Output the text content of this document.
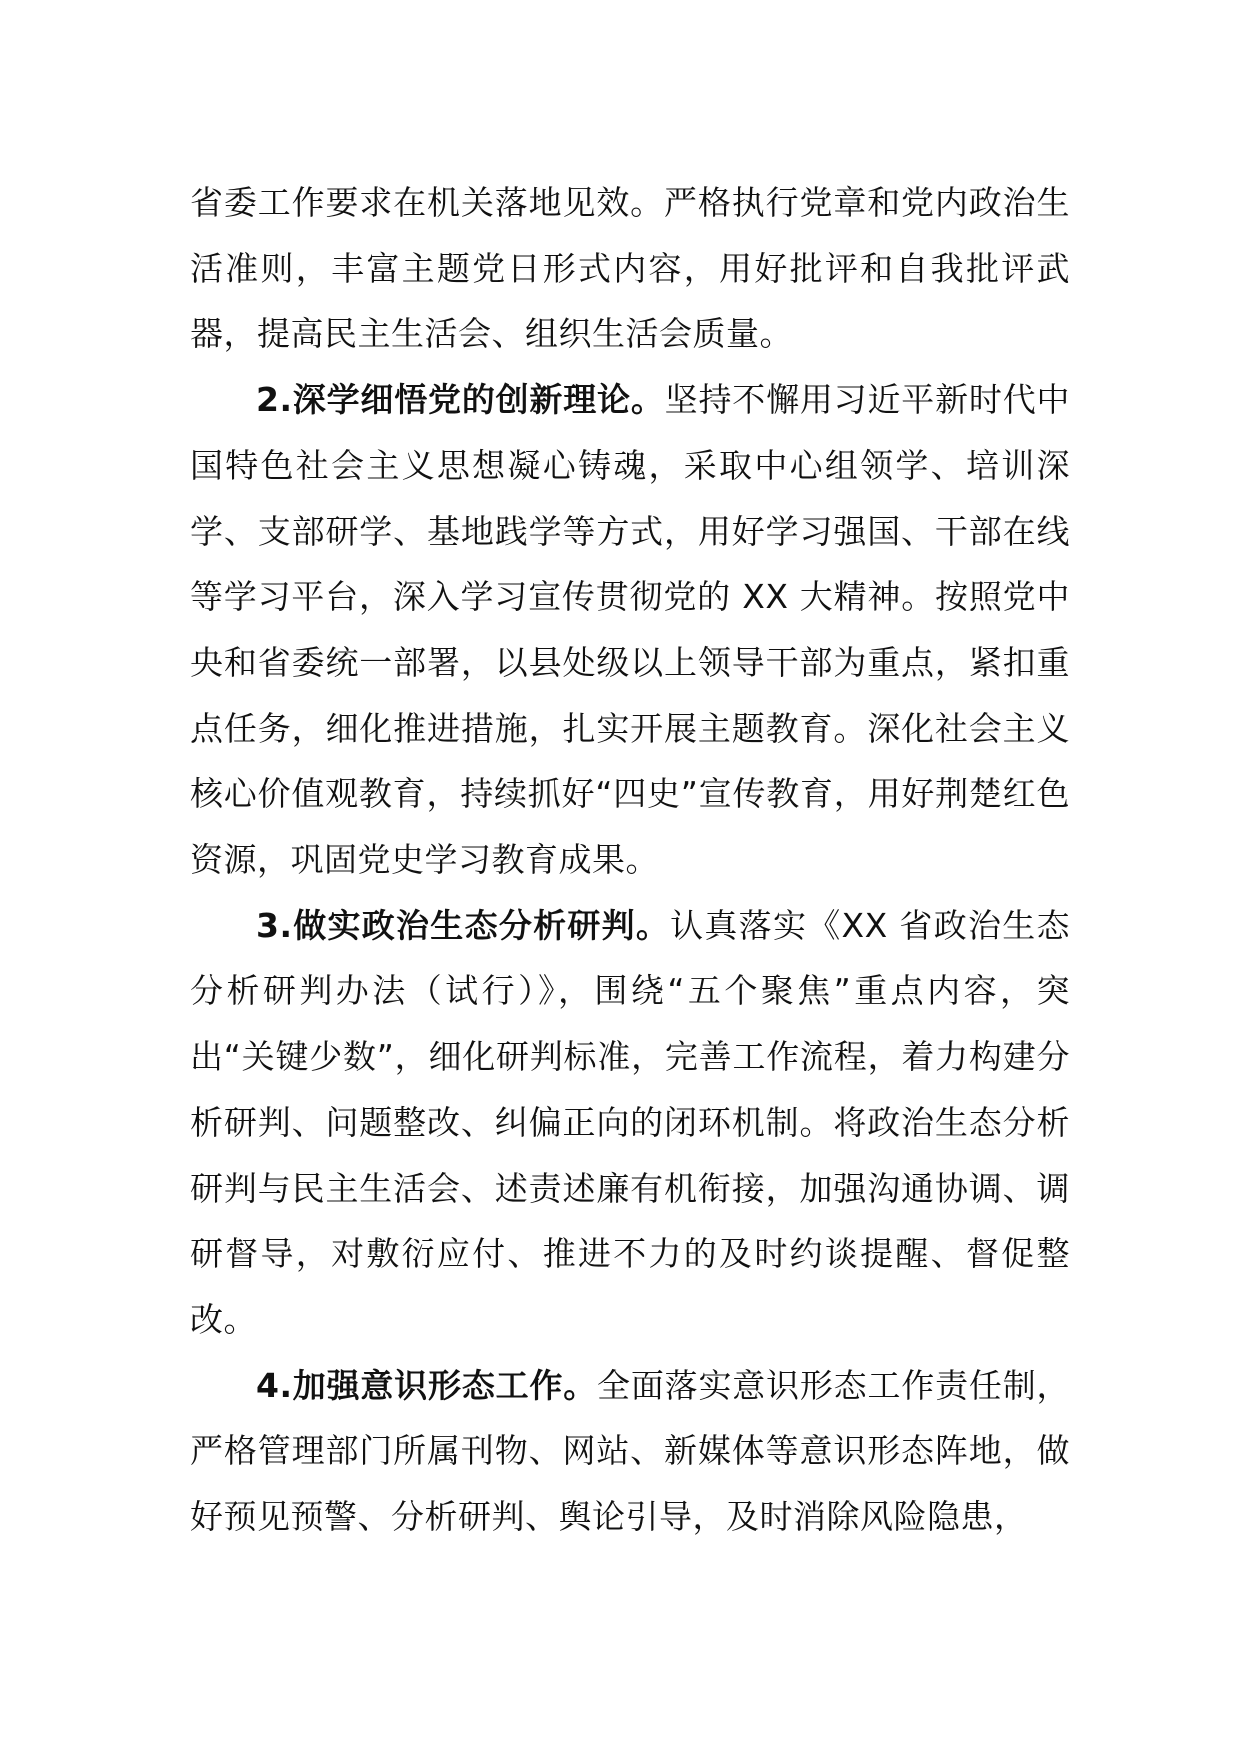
省委工作要求在机关落地见效。严格执行党章和党内政治生活准则，丰富主题党日形式内容，用好批评和自我批评武器，提高民主生活会、组织生活会质量。

2.深学细悟党的创新理论。坚持不懈用习近平新时代中国特色社会主义思想凝心铸魂，采取中心组领学、培训深学、支部研学、基地践学等方式，用好学习强国、干部在线等学习平台，深入学习宣传贯彻党的 XX 大精神。按照党中央和省委统一部署，以县处级以上领导干部为重点，紧扣重点任务，细化推进措施，扎实开展主题教育。深化社会主义核心价值观教育，持续抓好“四史”宣传教育，用好荆楚红色资源，巩固党史学习教育成果。

3.做实政治生态分析研判。认真落实《XX 省政治生态分析研判办法（试行）》，围绕“五个聚焦”重点内容，突出“关键少数”，细化研判标准，完善工作流程，着力构建分析研判、问题整改、纠偏正向的闭环机制。将政治生态分析研判与民主生活会、述责述廉有机衔接，加强沟通协调、调研督导，对敷衍应付、推进不力的及时约谈提醒、督促整改。

4.加强意识形态工作。全面落实意识形态工作责任制，严格管理部门所属刊物、网站、新媒体等意识形态阵地，做好预见预警、分析研判、舆论引导，及时消除风险隐患，
